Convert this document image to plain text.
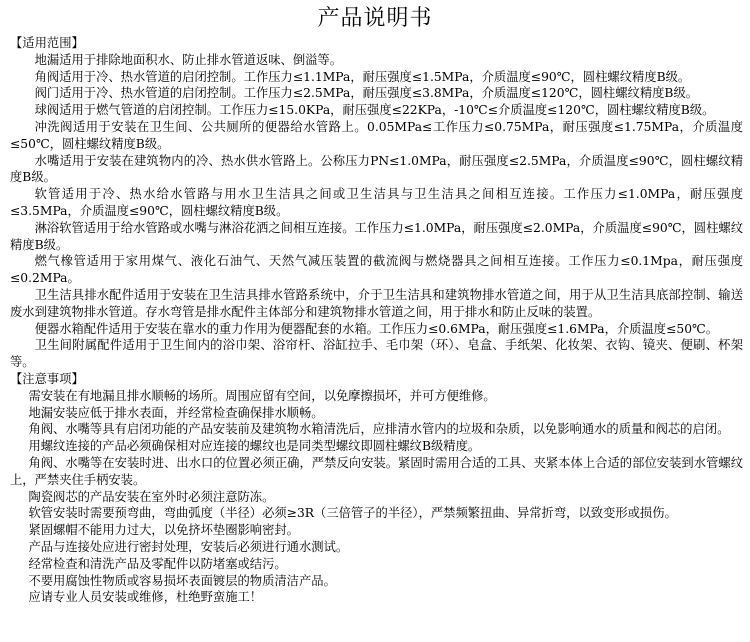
产品说明书

【适用范围】

地漏适用于排除地面积水、防止排水管道返味、倒溢等。

角阀适用于冷、热水管道的启闭控制。工作压力≤1.1MPa，耐压强度≤1.5MPa，介质温度≤90℃，圆柱螺纹精度B级。

阀门适用于冷、热水管道的启闭控制。工作压力≤2.5MPa，耐压强度≤3.8MPa，介质温度≤120℃，圆柱螺纹精度B级。

球阀适用于燃气管道的启闭控制。工作压力≤15.0KPa，耐压强度≤22KPa，-10℃≤介质温度≤120℃，圆柱螺纹精度B级。

冲洗阀适用于安装在卫生间、公共厕所的便器给水管路上。0.05MPa≤工作压力≤0.75MPa，耐压强度≤1.75MPa，介质温度≤50℃，圆柱螺纹精度B级。

水嘴适用于安装在建筑物内的冷、热水供水管路上。公称压力PN≤1.0MPa，耐压强度≤2.5MPa，介质温度≤90℃，圆柱螺纹精度B级。

软管适用于冷、热水给水管路与用水卫生洁具之间或卫生洁具与卫生洁具之间相互连接。工作压力≤1.0MPa，耐压强度≤3.5MPa，介质温度≤90℃，圆柱螺纹精度B级。

淋浴软管适用于给水管路或水嘴与淋浴花洒之间相互连接。工作压力≤1.0MPa，耐压强度≤2.0MPa，介质温度≤90℃，圆柱螺纹精度B级。

燃气橡管适用于家用煤气、液化石油气、天然气减压装置的截流阀与燃烧器具之间相互连接。工作压力≤0.1Mpa，耐压强度≤0.2MPa。

卫生洁具排水配件适用于安装在卫生洁具排水管路系统中，介于卫生洁具和建筑物排水管道之间，用于从卫生洁具底部控制、输送废水到建筑物排水管道。存水弯管是排水配件主体部分和建筑物排水管道之间，用于排水和防止反味的装置。

便器水箱配件适用于安装在靠水的重力作用为便器配套的水箱。工作压力≤0.6MPa，耐压强度≤1.6MPa，介质温度≤50℃。

卫生间附属配件适用于卫生间内的浴巾架、浴帘杆、浴缸拉手、毛巾架（环）、皂盒、手纸架、化妆架、衣钩、镜夹、便刷、杯架等。

【注意事项】

需安装在有地漏且排水顺畅的场所。周围应留有空间，以免摩擦损坏，并可方便维修。

地漏安装应低于排水表面，并经常检查确保排水顺畅。

角阀、水嘴等具有启闭功能的产品安装前及建筑物水箱清洗后，应排清水管内的垃圾和杂质，以免影响通水的质量和阀芯的启闭。

用螺纹连接的产品必须确保相对应连接的螺纹也是同类型螺纹即圆柱螺纹B级精度。

角阀、水嘴等在安装时进、出水口的位置必须正确，严禁反向安装。紧固时需用合适的工具、夹紧本体上合适的部位安装到水管螺纹上，严禁夹住手柄安装。

陶瓷阀芯的产品安装在室外时必须注意防冻。

软管安装时需要预弯曲，弯曲弧度（半径）必须≥3R（三倍管子的半径），严禁频繁扭曲、异常折弯，以致变形或损伤。

紧固螺帽不能用力过大，以免挤坏垫圈影响密封。

产品与连接处应进行密封处理，安装后必须进行通水测试。

经常检查和清洗产品及零配件以防堵塞或结污。

不要用腐蚀性物质或容易损坏表面镀层的物质清洁产品。

应请专业人员安装或维修，杜绝野蛮施工！
